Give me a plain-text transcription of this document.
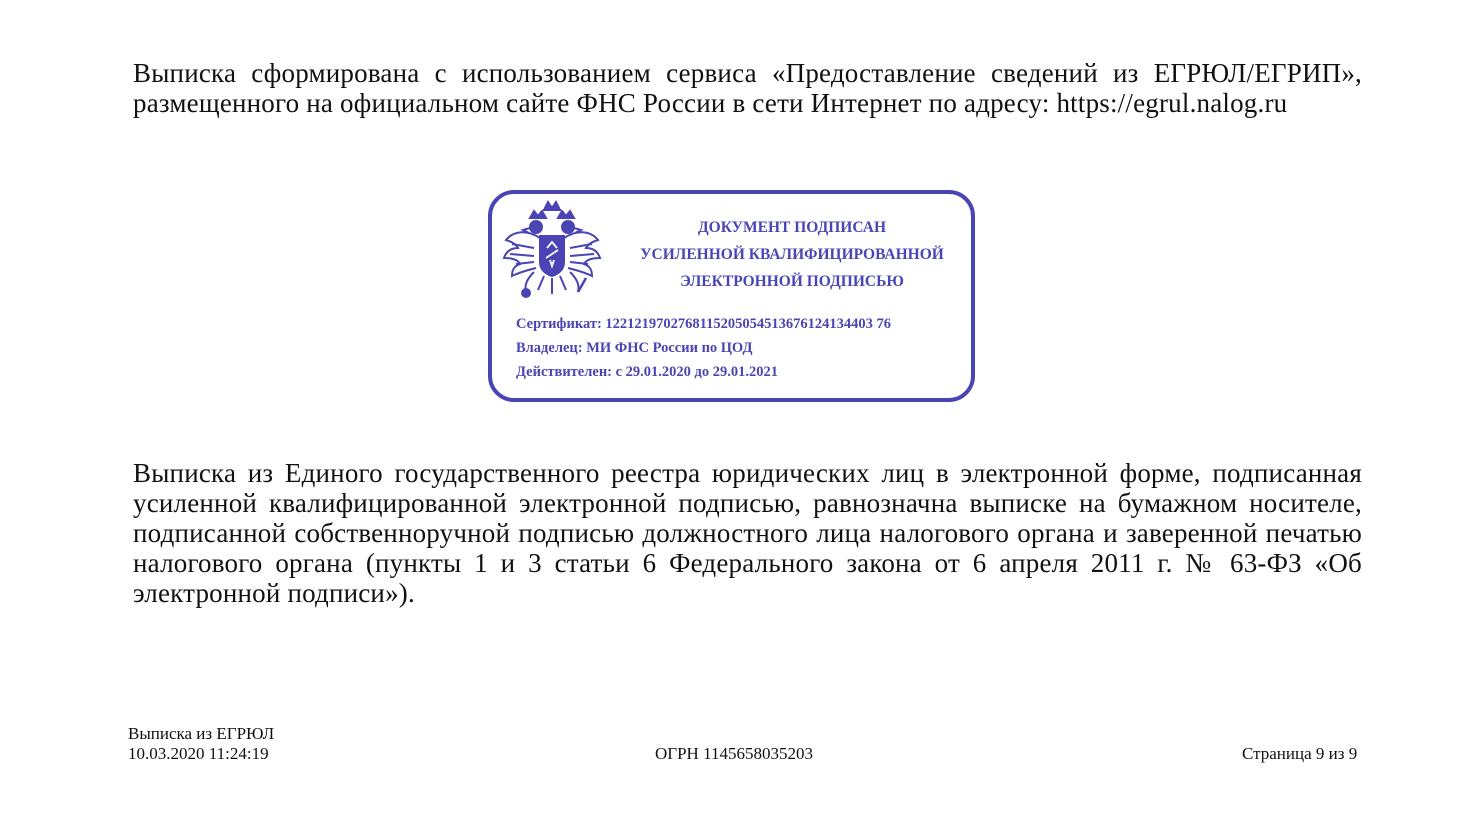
Выписка сформирована с использованием сервиса «Предоставление сведений из ЕГРЮЛ/ЕГРИП», размещенного на официальном сайте ФНС России в сети Интернет по адресу: https://egrul.nalog.ru
ДОКУМЕНТ ПОДПИСАН
УСИЛЕННОЙ КВАЛИФИЦИРОВАННОЙ
ЭЛЕКТРОННОЙ ПОДПИСЬЮ
Сертификат: 1221219702768115205054513676124134403 76
Владелец: МИ ФНС России по ЦОД
Действителен: с 29.01.2020 до 29.01.2021
Выписка из Единого государственного реестра юридических лиц в электронной форме, подписанная усиленной квалифицированной электронной подписью, равнозначна выписке на бумажном носителе, подписанной собственноручной подписью должностного лица налогового органа и заверенной печатью налогового органа (пункты 1 и 3 статьи 6 Федерального закона от 6 апреля 2011 г. № 63-ФЗ «Об электронной подписи»).
Выписка из ЕГРЮЛ
10.03.2020 11:24:19	ОГРН 1145658035203	Страница 9 из 9
